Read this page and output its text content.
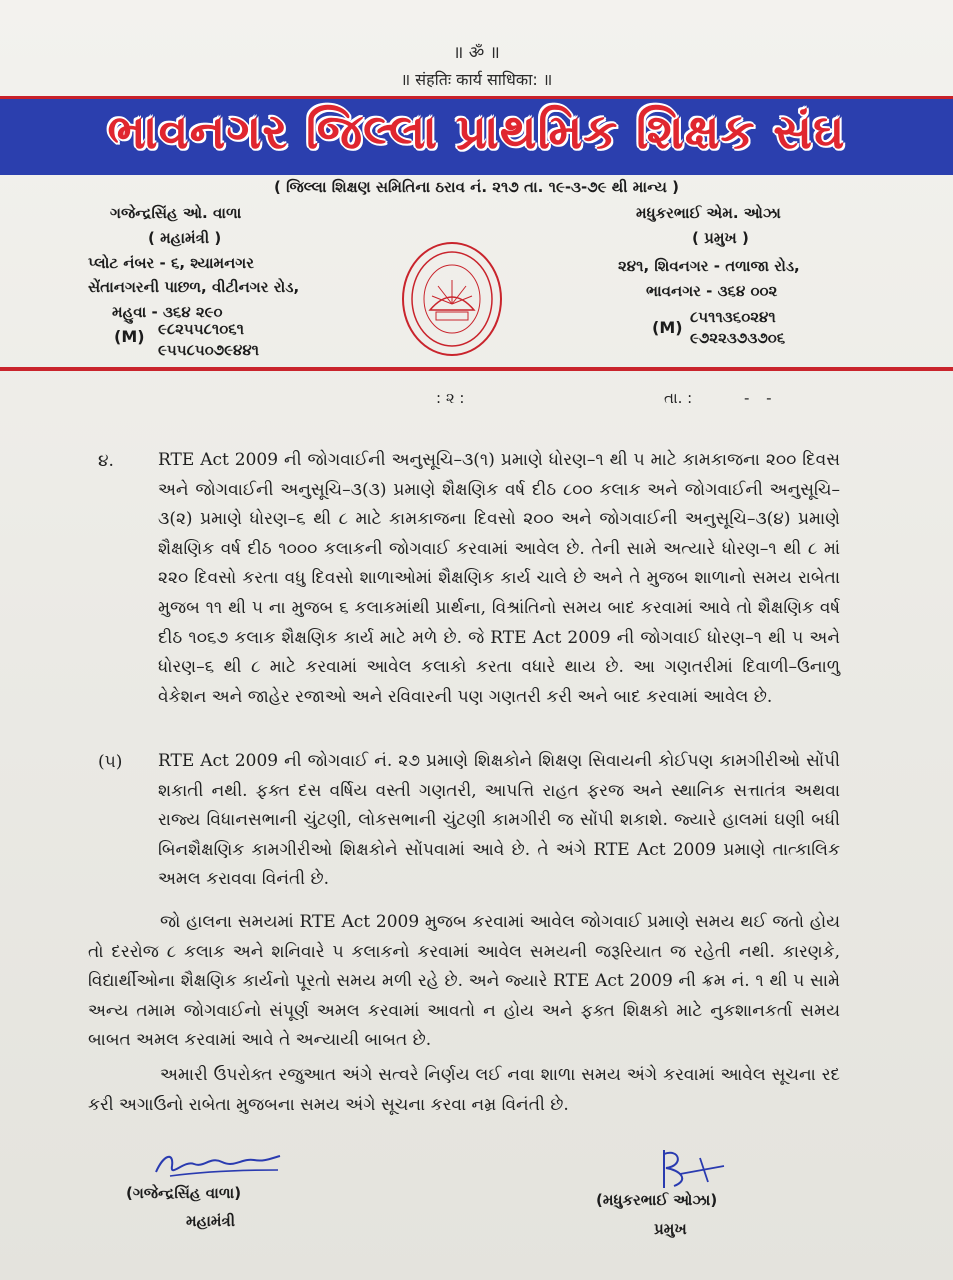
॥ ॐ ॥
॥ संहतिः कार्य साधिका: ॥
ભાવનગર જિલ્લા પ્રાથમિક શિક્ષક સંઘ
( જિલ્લા શિક્ષણ સમિતિના ઠરાવ નં. ૨૧૭ તા. ૧૯-૩-૭૯ થી માન્ય )
ગજેન્દ્રસિંહ ઓ. વાળા
( મહામંત્રી )
પ્લોટ નંબર - ૬, શ્યામનગર
સેંતાનગરની પાછળ, વીટીનગર રોડ,
મહુવા - ૩૬૪ ૨૯૦
(M) ૯૮૨૫૫૮૧૦૬૧
૯૫૫૮૫૦૭૯૪૪૧
મધુકરભાઈ એમ. ઓઝા
( પ્રમુખ )
૨૪૧, શિવનગર - તળાજા રોડ,
ભાવનગર - ૩૬૪ ૦૦૨
(M)
૮૫૧૧૩૬૦૨૪૧
૯૭૨૨૩૭૩૭૦૬
: ૨ :	તા. :	- -
૪.	RTE Act 2009 ની જોગવાઈની અનુસૂચિ–૩(૧) પ્રમાણે ધોરણ–૧ થી ૫ માટે કામકાજના ૨૦૦ દિવસ અને જોગવાઈની અનુસૂચિ–૩(૩) પ્રમાણે શૈક્ષણિક વર્ષ દીઠ ૮૦૦ કલાક અને જોગવાઈની અનુસૂચિ–૩(૨) પ્રમાણે ધોરણ–૬ થી ૮ માટે કામકાજના દિવસો ૨૦૦ અને જોગવાઈની અનુસૂચિ–૩(૪) પ્રમાણે શૈક્ષણિક વર્ષ દીઠ ૧૦૦૦ કલાકની જોગવાઈ કરવામાં આવેલ છે. તેની સામે અત્યારે ધોરણ–૧ થી ૮ માં ૨૨૦ દિવસો કરતા વધુ દિવસો શાળાઓમાં શૈક્ષણિક કાર્ય ચાલે છે અને તે મુજબ શાળાનો સમય રાબેતા મુજબ ૧૧ થી ૫ ના મુજબ ૬ કલાકમાંથી પ્રાર્થના, વિશ્રાંતિનો સમય બાદ કરવામાં આવે તો શૈક્ષણિક વર્ષ દીઠ ૧૦૬૭ કલાક શૈક્ષણિક કાર્ય માટે મળે છે. જે RTE Act 2009 ની જોગવાઈ ધોરણ–૧ થી ૫ અને ધોરણ–૬ થી ૮ માટે કરવામાં આવેલ કલાકો કરતા વધારે થાય છે. આ ગણતરીમાં દિવાળી–ઉનાળુ વેકેશન અને જાહેર રજાઓ અને રવિવારની પણ ગણતરી કરી અને બાદ કરવામાં આવેલ છે.
(૫) RTE Act 2009 ની જોગવાઈ નં. ૨૭ પ્રમાણે શિક્ષકોને શિક્ષણ સિવાયની કોઈપણ કામગીરીઓ સોંપી શકાતી નથી. ફક્ત દસ વર્ષિય વસ્તી ગણતરી, આપત્તિ રાહત ફરજ અને સ્થાનિક સત્તાતંત્ર અથવા રાજ્ય વિધાનસભાની ચુંટણી, લોકસભાની ચુંટણી કામગીરી જ સોંપી શકાશે. જ્યારે હાલમાં ઘણી બધી બિનશૈક્ષણિક કામગીરીઓ શિક્ષકોને સોંપવામાં આવે છે. તે અંગે RTE Act 2009 પ્રમાણે તાત્કાલિક અમલ કરાવવા વિનંતી છે.
જો હાલના સમયમાં RTE Act 2009 મુજબ કરવામાં આવેલ જોગવાઈ પ્રમાણે સમય થઈ જતો હોય તો દરરોજ ૮ કલાક અને શનિવારે ૫ કલાકનો કરવામાં આવેલ સમયની જરૂરિયાત જ રહેતી નથી. કારણકે, વિદ્યાર્થીઓના શૈક્ષણિક કાર્યનો પૂરતો સમય મળી રહે છે. અને જ્યારે RTE Act 2009 ની ક્રમ નં. ૧ થી ૫ સામે અન્ય તમામ જોગવાઈનો સંપૂર્ણ અમલ કરવામાં આવતો ન હોય અને ફક્ત શિક્ષકો માટે નુકશાનકર્તા સમય બાબત અમલ કરવામાં આવે તે અન્યાયી બાબત છે.
અમારી ઉપરોક્ત રજુઆત અંગે સત્વરે નિર્ણય લઈ નવા શાળા સમય અંગે કરવામાં આવેલ સૂચના રદ કરી અગાઉનો રાબેતા મુજબના સમય અંગે સૂચના કરવા નમ્ર વિનંતી છે.
(ગજેન્દ્રસિંહ વાળા)
મહામંત્રી
(મધુકરભાઈ ઓઝા)
પ્રમુખ
